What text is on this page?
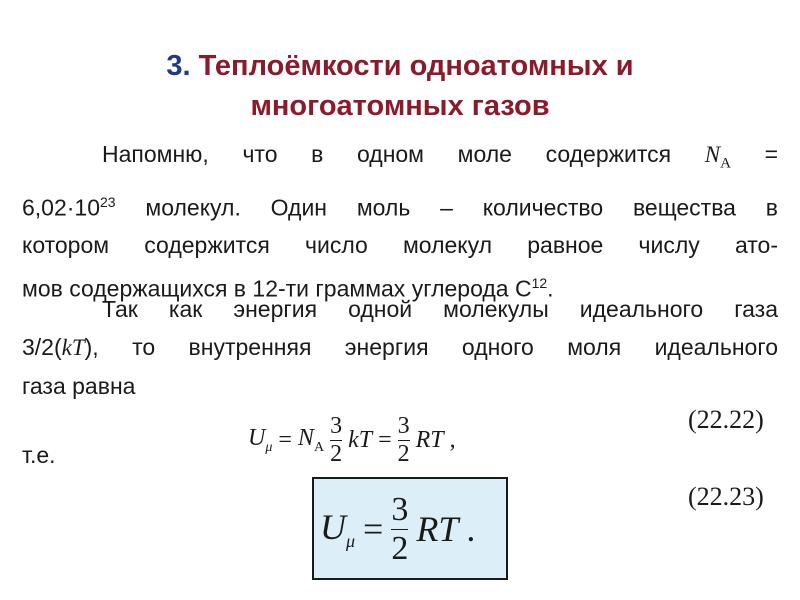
3. Теплоёмкости одноатомных и
многоатомных газов
Напомню, что в одном моле содержится $N_A$ =
$6,02\cdot 10^{23}$ молекул. Один моль – количество вещества в
котором содержится число молекул равное числу ато-
мов содержащихся в 12-ти граммах углерода $C^{12}$.
Так как энергия одной молекулы идеального газа
3/2(kT), то внутренняя энергия одного моля идеального
газа равна
$U_\mu = N_A \frac{3}{2}$ kT = $\frac{3}{2}$ RT ,
(22.22)
т.е.
$U_\mu = \frac{3}{2}$ RT .
(22.23)
